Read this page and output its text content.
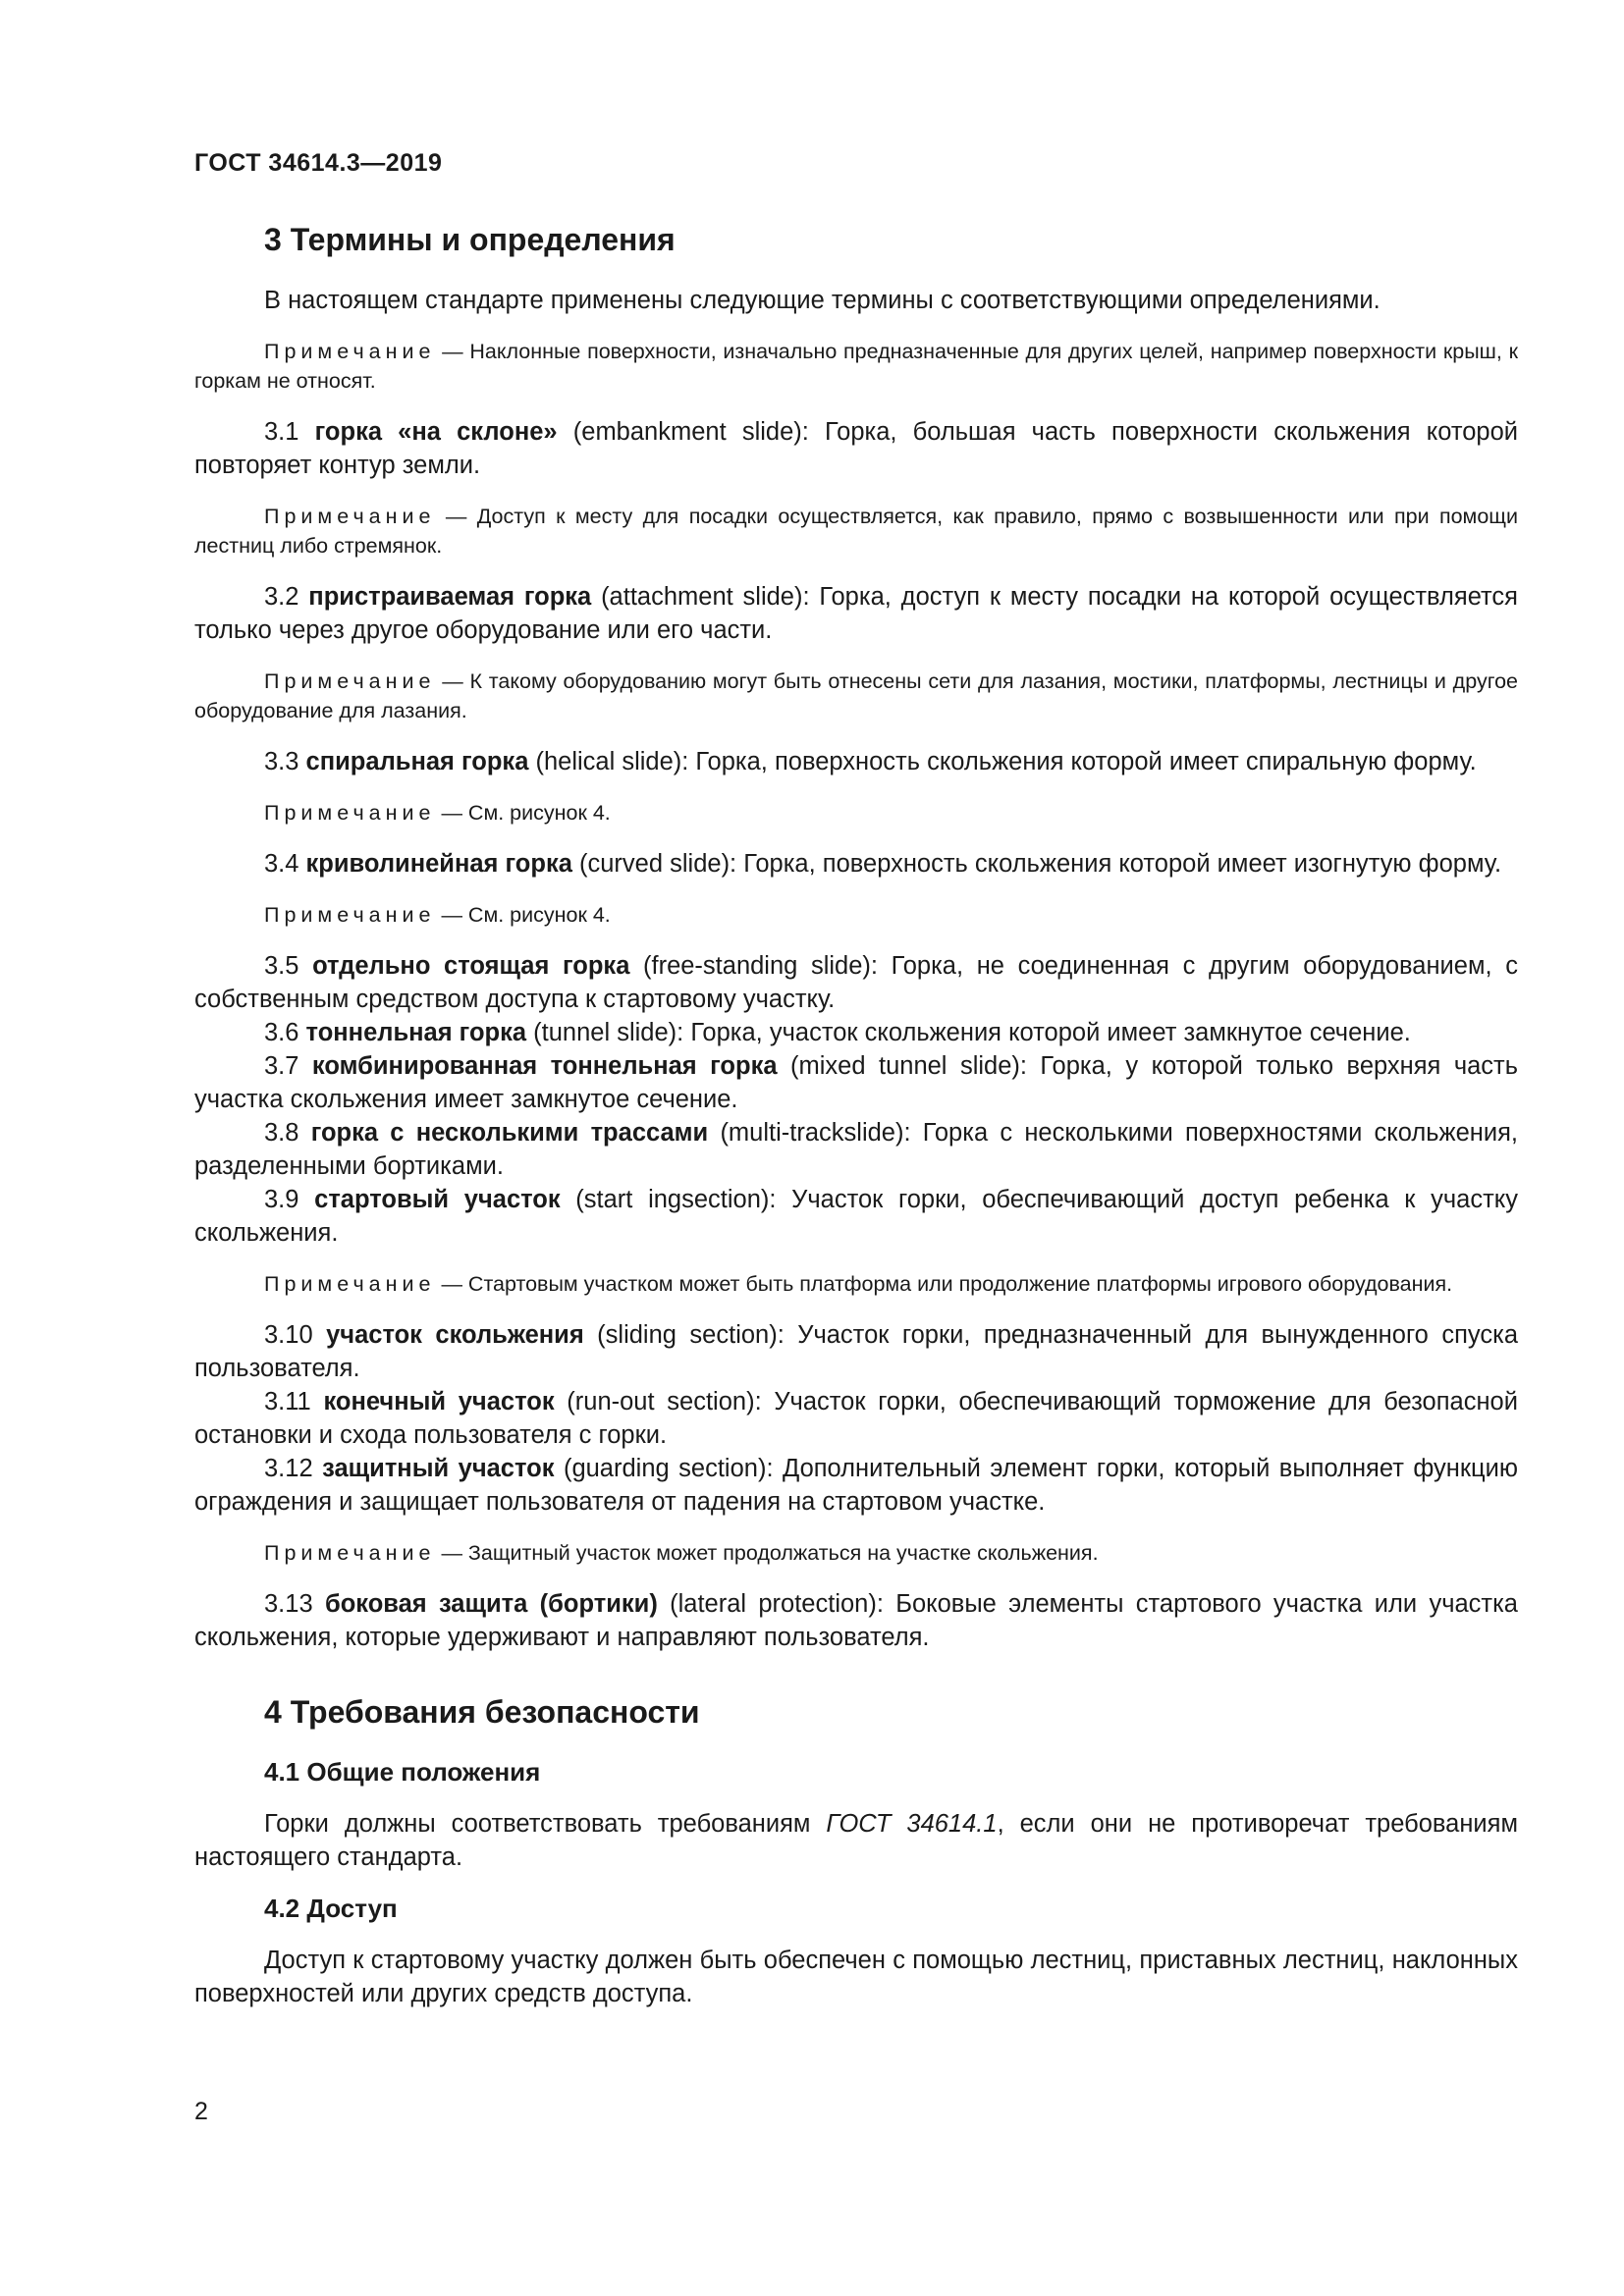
ГОСТ 34614.3—2019
3 Термины и определения

В настоящем стандарте применены следующие термины с соответствующими определениями.

Примечание — Наклонные поверхности, изначально предназначенные для других целей, например поверхности крыш, к горкам не относят.

3.1 горка «на склоне» (embankment slide): Горка, большая часть поверхности скольжения которой повторяет контур земли.

Примечание — Доступ к месту для посадки осуществляется, как правило, прямо с возвышенности или при помощи лестниц либо стремянок.

3.2 пристраиваемая горка (attachment slide): Горка, доступ к месту посадки на которой осуществляется только через другое оборудование или его части.

Примечание — К такому оборудованию могут быть отнесены сети для лазания, мостики, платформы, лестницы и другое оборудование для лазания.

3.3 спиральная горка (helical slide): Горка, поверхность скольжения которой имеет спиральную форму.

Примечание — См. рисунок 4.

3.4 криволинейная горка (curved slide): Горка, поверхность скольжения которой имеет изогнутую форму.

Примечание — См. рисунок 4.

3.5 отдельно стоящая горка (free-standing slide): Горка, не соединенная с другим оборудованием, с собственным средством доступа к стартовому участку.

3.6 тоннельная горка (tunnel slide): Горка, участок скольжения которой имеет замкнутое сечение.

3.7 комбинированная тоннельная горка (mixed tunnel slide): Горка, у которой только верхняя часть участка скольжения имеет замкнутое сечение.

3.8 горка с несколькими трассами (multi-trackslide): Горка с несколькими поверхностями скольжения, разделенными бортиками.

3.9 стартовый участок (start ingsection): Участок горки, обеспечивающий доступ ребенка к участку скольжения.

Примечание — Стартовым участком может быть платформа или продолжение платформы игрового оборудования.

3.10 участок скольжения (sliding section): Участок горки, предназначенный для вынужденного спуска пользователя.

3.11 конечный участок (run-out section): Участок горки, обеспечивающий торможение для безопасной остановки и схода пользователя с горки.

3.12 защитный участок (guarding section): Дополнительный элемент горки, который выполняет функцию ограждения и защищает пользователя от падения на стартовом участке.

Примечание — Защитный участок может продолжаться на участке скольжения.

3.13 боковая защита (бортики) (lateral protection): Боковые элементы стартового участка или участка скольжения, которые удерживают и направляют пользователя.

4 Требования безопасности
4.1 Общие положения

Горки должны соответствовать требованиям ГОСТ 34614.1, если они не противоречат требованиям настоящего стандарта.

4.2 Доступ

Доступ к стартовому участку должен быть обеспечен с помощью лестниц, приставных лестниц, наклонных поверхностей или других средств доступа.

2
